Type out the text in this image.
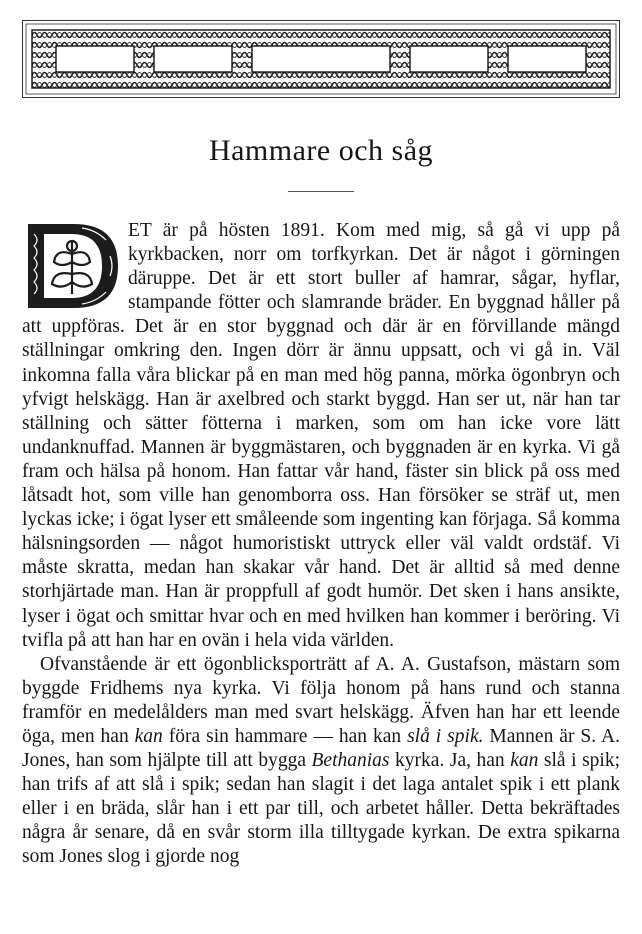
Hammare och såg
D	ET är på hösten 1891. Kom med mig, så gå vi upp på kyrkbacken, norr om torfkyrkan. Det är något i görningen däruppe. Det är ett stort buller af hamrar, sågar, hyflar, stampande fötter och slamrande bräder. En byggnad håller på att uppföras. Det är en stor byggnad och där är en förvillande mängd ställningar omkring den. Ingen dörr är ännu uppsatt, och vi gå in. Väl inkomna falla våra blickar på en man med hög panna, mörka ögonbryn och yfvigt helskägg. Han är axelbred och starkt byggd. Han ser ut, när han tar ställning och sätter fötterna i marken, som om han icke vore lätt undanknuffad. Mannen är byggmästaren, och byggnaden är en kyrka. Vi gå fram och hälsa på honom. Han fattar vår hand, fäster sin blick på oss med låtsadt hot, som ville han genomborra oss. Han försöker se sträf ut, men lyckas icke; i ögat lyser ett småleende som ingenting kan förjaga. Så komma hälsningsorden — något humoristiskt uttryck eller väl valdt ordstäf. Vi måste skratta, medan han skakar vår hand. Det är alltid så med denne storhjärtade man. Han är proppfull af godt humör. Det sken i hans ansikte, lyser i ögat och smittar hvar och en med hvilken han kommer i beröring. Vi tvifla på att han har en ovän i hela vida världen.

Ofvanstående är ett ögonblicksporträtt af A. A. Gustafson, mästarn som byggde Fridhems nya kyrka. Vi följa honom på hans rund och stanna framför en medelålders man med svart helskägg. Äfven han har ett leende öga, men han kan föra sin hammare — han kan slå i spik. Mannen är S. A. Jones, han som hjälpte till att bygga Bethanias kyrka. Ja, han kan slå i spik; han trifs af att slå i spik; sedan han slagit i det laga antalet spik i ett plank eller i en bräda, slår han i ett par till, och arbetet håller. Detta bekräftades några år senare, då en svår storm illa tilltygade kyrkan. De extra spikarna som Jones slog i gjorde nog
